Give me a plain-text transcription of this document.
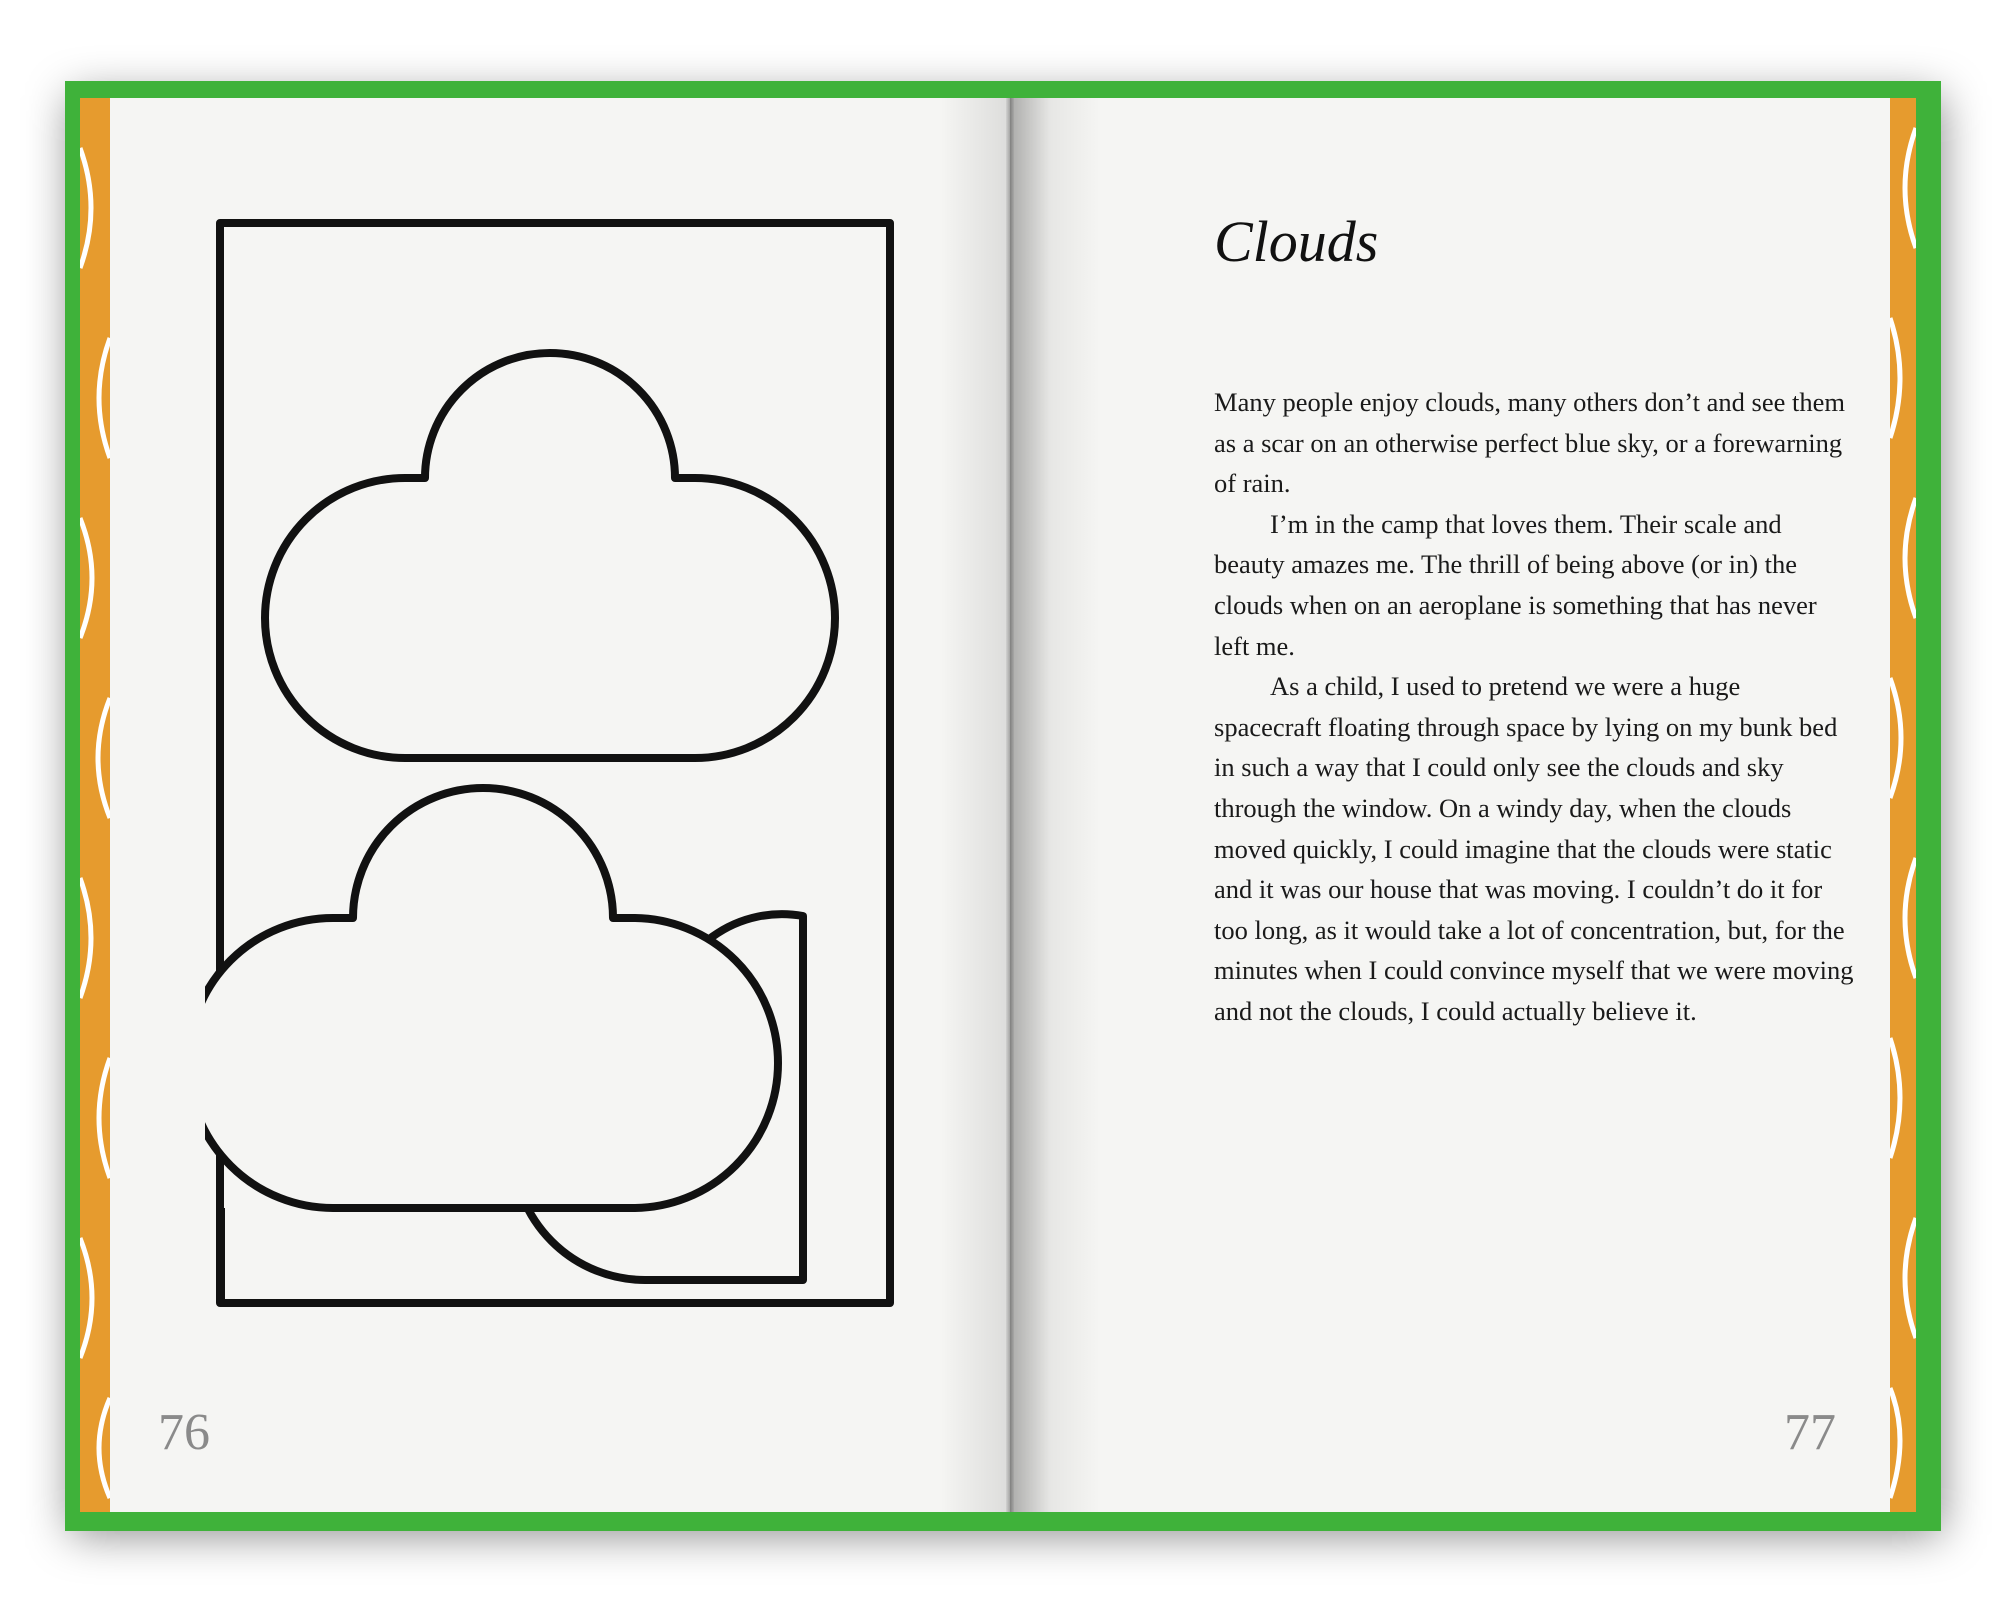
76
Clouds

Many people enjoy clouds, many others don’t and see them as a scar on an otherwise perfect blue sky, or a forewarning of rain.

I’m in the camp that loves them. Their scale and beauty amazes me. The thrill of being above (or in) the clouds when on an aeroplane is something that has never left me.

As a child, I used to pretend we were a huge spacecraft floating through space by lying on my bunk bed in such a way that I could only see the clouds and sky through the window. On a windy day, when the clouds moved quickly, I could imagine that the clouds were static and it was our house that was moving. I couldn’t do it for too long, as it would take a lot of concentration, but, for the minutes when I could convince myself that we were moving and not the clouds, I could actually believe it.

77
